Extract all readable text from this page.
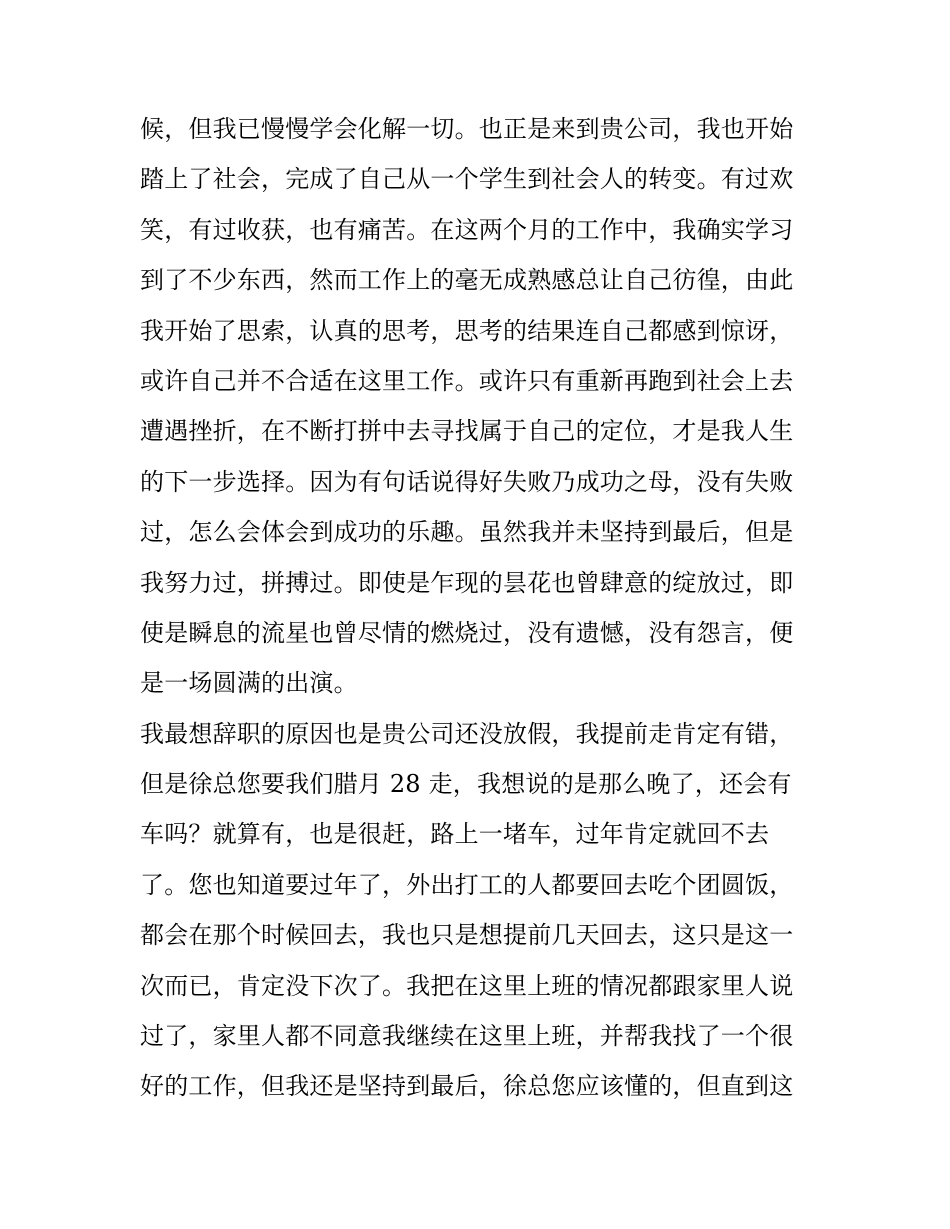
候，但我已慢慢学会化解一切。也正是来到贵公司，我也开始
踏上了社会，完成了自己从一个学生到社会人的转变。有过欢
笑，有过收获，也有痛苦。在这两个月的工作中，我确实学习
到了不少东西，然而工作上的毫无成熟感总让自己彷徨，由此
我开始了思索，认真的思考，思考的结果连自己都感到惊讶，
或许自己并不合适在这里工作。或许只有重新再跑到社会上去
遭遇挫折，在不断打拼中去寻找属于自己的定位，才是我人生
的下一步选择。因为有句话说得好失败乃成功之母，没有失败
过，怎么会体会到成功的乐趣。虽然我并未坚持到最后，但是
我努力过，拼搏过。即使是乍现的昙花也曾肆意的绽放过，即
使是瞬息的流星也曾尽情的燃烧过，没有遗憾，没有怨言，便
是一场圆满的出演。
我最想辞职的原因也是贵公司还没放假，我提前走肯定有错，
但是徐总您要我们腊月 28 走，我想说的是那么晚了，还会有
车吗？就算有，也是很赶，路上一堵车，过年肯定就回不去
了。您也知道要过年了，外出打工的人都要回去吃个团圆饭，
都会在那个时候回去，我也只是想提前几天回去，这只是这一
次而已，肯定没下次了。我把在这里上班的情况都跟家里人说
过了，家里人都不同意我继续在这里上班，并帮我找了一个很
好的工作，但我还是坚持到最后，徐总您应该懂的，但直到这
